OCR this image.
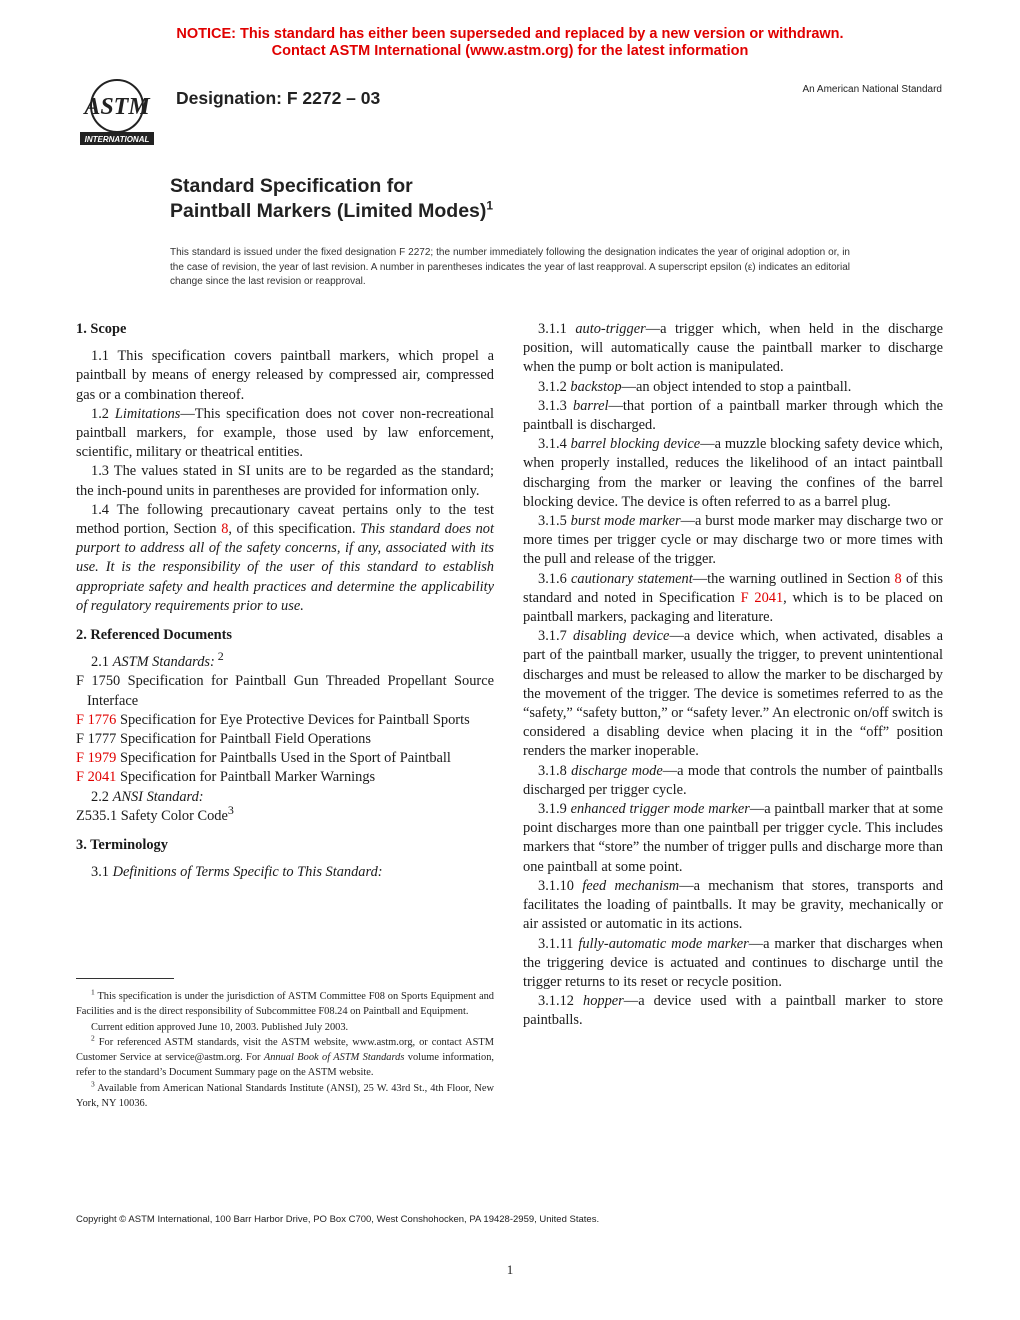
NOTICE: This standard has either been superseded and replaced by a new version or withdrawn.
Contact ASTM International (www.astm.org) for the latest information
ASTM
INTERNATIONAL
Designation: F 2272 – 03	An American National Standard
Standard Specification for
Paintball Markers (Limited Modes)$^1$
This standard is issued under the fixed designation F 2272; the number immediately following the designation indicates the year of original adoption or, in the case of revision, the year of last revision. A number in parentheses indicates the year of last reapproval. A superscript epsilon (ε) indicates an editorial change since the last revision or reapproval.
1. Scope

1.1 This specification covers paintball markers, which propel a paintball by means of energy released by compressed air, compressed gas or a combination thereof.

1.2 Limitations—This specification does not cover non-recreational paintball markers, for example, those used by law enforcement, scientific, military or theatrical entities.

1.3 The values stated in SI units are to be regarded as the standard; the inch-pound units in parentheses are provided for information only.

1.4 The following precautionary caveat pertains only to the test method portion, Section 8, of this specification. This standard does not purport to address all of the safety concerns, if any, associated with its use. It is the responsibility of the user of this standard to establish appropriate safety and health practices and determine the applicability of regulatory requirements prior to use.

2. Referenced Documents

2.1 ASTM Standards: $^2$

F 1750 Specification for Paintball Gun Threaded Propellant Source Interface

F 1776 Specification for Eye Protective Devices for Paintball Sports

F 1777 Specification for Paintball Field Operations

F 1979 Specification for Paintballs Used in the Sport of Paintball

F 2041 Specification for Paintball Marker Warnings

2.2 ANSI Standard:

Z535.1 Safety Color Code$^3$

3. Terminology

3.1 Definitions of Terms Specific to This Standard:

$^1$ This specification is under the jurisdiction of ASTM Committee F08 on Sports Equipment and Facilities and is the direct responsibility of Subcommittee F08.24 on Paintball and Equipment.

Current edition approved June 10, 2003. Published July 2003.

$^2$ For referenced ASTM standards, visit the ASTM website, www.astm.org, or contact ASTM Customer Service at service@astm.org. For Annual Book of ASTM Standards volume information, refer to the standard’s Document Summary page on the ASTM website.

$^3$ Available from American National Standards Institute (ANSI), 25 W. 43rd St., 4th Floor, New York, NY 10036.

3.1.1 auto-trigger—a trigger which, when held in the discharge position, will automatically cause the paintball marker to discharge when the pump or bolt action is manipulated.

3.1.2 backstop—an object intended to stop a paintball.

3.1.3 barrel—that portion of a paintball marker through which the paintball is discharged.

3.1.4 barrel blocking device—a muzzle blocking safety device which, when properly installed, reduces the likelihood of an intact paintball discharging from the marker or leaving the confines of the barrel blocking device. The device is often referred to as a barrel plug.

3.1.5 burst mode marker—a burst mode marker may discharge two or more times per trigger cycle or may discharge two or more times with the pull and release of the trigger.

3.1.6 cautionary statement—the warning outlined in Section 8 of this standard and noted in Specification F 2041, which is to be placed on paintball markers, packaging and literature.

3.1.7 disabling device—a device which, when activated, disables a part of the paintball marker, usually the trigger, to prevent unintentional discharges and must be released to allow the marker to be discharged by the movement of the trigger. The device is sometimes referred to as the “safety,” “safety button,” or “safety lever.” An electronic on/off switch is considered a disabling device when placing it in the “off” position renders the marker inoperable.

3.1.8 discharge mode—a mode that controls the number of paintballs discharged per trigger cycle.

3.1.9 enhanced trigger mode marker—a paintball marker that at some point discharges more than one paintball per trigger cycle. This includes markers that “store” the number of trigger pulls and discharge more than one paintball at some point.

3.1.10 feed mechanism—a mechanism that stores, transports and facilitates the loading of paintballs. It may be gravity, mechanically or air assisted or automatic in its actions.

3.1.11 fully-automatic mode marker—a marker that discharges when the triggering device is actuated and continues to discharge until the trigger returns to its reset or recycle position.

3.1.12 hopper—a device used with a paintball marker to store paintballs.

Copyright © ASTM International, 100 Barr Harbor Drive, PO Box C700, West Conshohocken, PA 19428-2959, United States.
1
